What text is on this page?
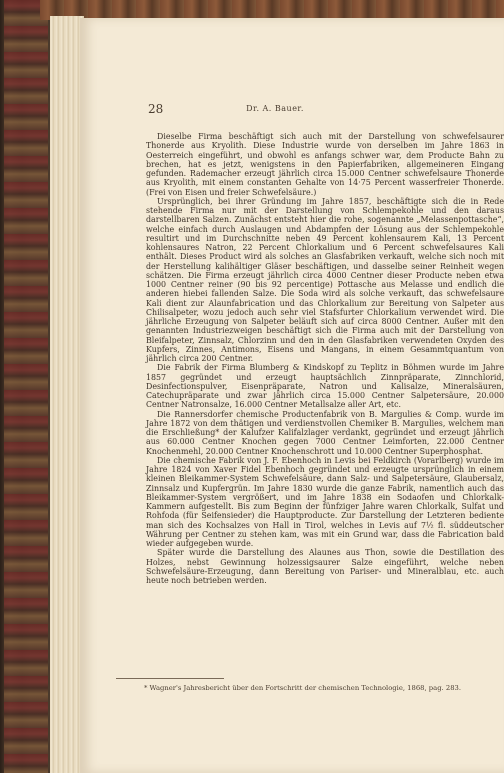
28	Dr. A. Bauer.

Dieselbe Firma beschäftigt sich auch mit der Darstellung von schwefelsaurer Thonerde aus Kryolith. Diese Industrie wurde von derselben im Jahre 1863 in Oesterreich eingeführt, und obwohl es anfangs schwer war, dem Producte Bahn zu brechen, hat es jetzt, wenigstens in den Papierfabriken, allgemeineren Eingang gefunden. Rademacher erzeugt jährlich circa 15.000 Centner schwefelsaure Thonerde aus Kryolith, mit einem constanten Gehalte von 14·75 Percent wasserfreier Thonerde. (Frei von Eisen und freier Schwefelsäure.)

Ursprünglich, bei ihrer Gründung im Jahre 1857, beschäftigte sich die in Rede stehende Firma nur mit der Darstellung von Schlempekohle und den daraus darstellbaren Salzen. Zunächst entsteht hier die rohe, sogenannte „Melassenpottasche“, welche einfach durch Auslaugen und Abdampfen der Lösung aus der Schlempekohle resultirt und im Durchschnitte neben 49 Percent kohlensaurem Kali, 13 Percent kohlensaures Natron, 22 Percent Chlorkalium und 6 Percent schwefelsaures Kali enthält. Dieses Product wird als solches an Glasfabriken verkauft, welche sich noch mit der Herstellung kalihältiger Gläser beschäftigen, und dasselbe seiner Reinheit wegen schätzen. Die Firma erzeugt jährlich circa 4000 Centner dieser Producte neben etwa 1000 Centner reiner (90 bis 92 percentige) Pottasche aus Melasse und endlich die anderen hiebei fallenden Salze. Die Soda wird als solche verkauft, das schwefelsaure Kali dient zur Alaunfabrication und das Chlorkalium zur Bereitung von Salpeter aus Chilisalpeter, wozu jedoch auch sehr viel Stafsfurter Chlorkalium verwendet wird. Die jährliche Erzeugung von Salpeter beläuft sich auf circa 8000 Centner. Außer mit den genannten Industriezweigen beschäftigt sich die Firma auch mit der Darstellung von Bleifalpeter, Zinnsalz, Chlorzinn und den in den Glasfabriken verwendeten Oxyden des Kupfers, Zinnes, Antimons, Eisens und Mangans, in einem Gesammtquantum von jährlich circa 200 Centner.

Die Fabrik der Firma Blumberg & Kindskopf zu Teplitz in Böhmen wurde im Jahre 1857 gegründet und erzeugt hauptsächlich Zinnpräparate, Zinnchlorid, Desinfectionspulver, Eisenpräparate, Natron und Kalisalze, Mineralsäuren, Catechupräparate und zwar jährlich circa 15.000 Centner Salpetersäure, 20.000 Centner Natronsalze, 16.000 Centner Metallsalze aller Art, etc.

Die Rannersdorfer chemische Productenfabrik von B. Margulies & Comp. wurde im Jahre 1872 von dem thätigen und verdienstvollen Chemiker B. Margulies, welchem man die Erschließung* der Kalufzer Kalifalzlager verdankt, gegründet und erzeugt jährlich aus 60.000 Centner Knochen gegen 7000 Centner Leimforten, 22.000 Centner Knochenmehl, 20.000 Centner Knochenschrott und 10.000 Centner Superphosphat.

Die chemische Fabrik von J. F. Ebenhoch in Levis bei Feldkirch (Vorarlberg) wurde im Jahre 1824 von Xaver Fidel Ebenhoch gegründet und erzeugte ursprünglich in einem kleinen Bleikammer-System Schwefelsäure, dann Salz- und Salpetersäure, Glaubersalz, Zinnsalz und Kupfergrün. Im Jahre 1830 wurde die ganze Fabrik, namentlich auch das Bleikammer-System vergrößert, und im Jahre 1838 ein Sodaofen und Chlorkalk-Kammern aufgestellt. Bis zum Beginn der fünfziger Jahre waren Chlorkalk, Sulfat und Rohfoda (für Seifensieder) die Hauptproducte. Zur Darstellung der Letzteren bediente man sich des Kochsalzes von Hall in Tirol, welches in Levis auf 7½ fl. süddeutscher Währung per Centner zu stehen kam, was mit ein Grund war, dass die Fabrication bald wieder aufgegeben wurde.

Später wurde die Darstellung des Alaunes aus Thon, sowie die Destillation des Holzes, nebst Gewinnung holzessigsaurer Salze eingeführt, welche neben Schwefelsäure-Erzeugung, dann Bereitung von Pariser- und Mineralblau, etc. auch heute noch betrieben werden.

* Wagner's Jahresbericht über den Fortschritt der chemischen Technologie, 1868, pag. 283.
